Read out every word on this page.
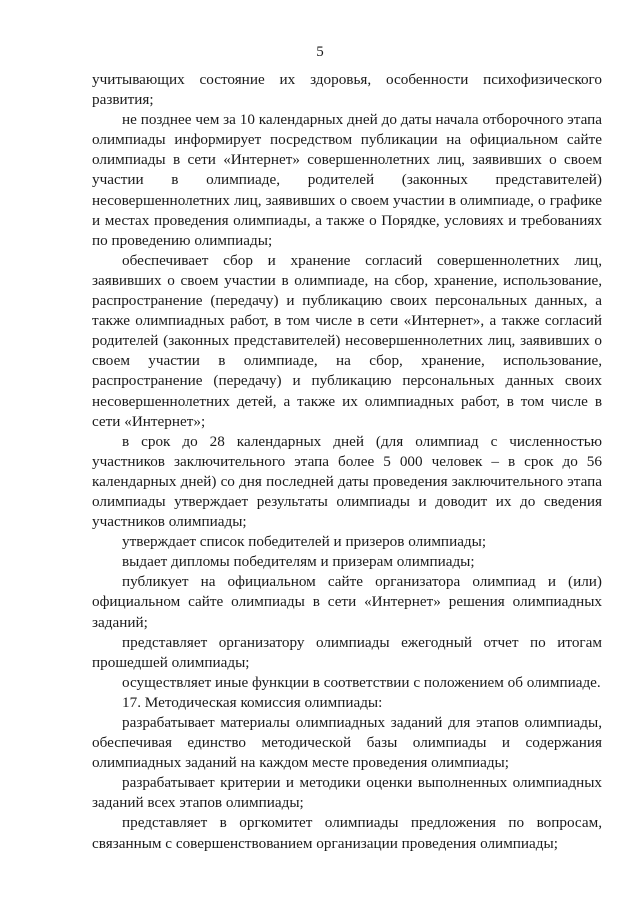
5

учитывающих состояние их здоровья, особенности психофизического развития;

не позднее чем за 10 календарных дней до даты начала отборочного этапа олимпиады информирует посредством публикации на официальном сайте олимпиады в сети «Интернет» совершеннолетних лиц, заявивших о своем участии в олимпиаде, родителей (законных представителей) несовершеннолетних лиц, заявивших о своем участии в олимпиаде, о графике и местах проведения олимпиады, а также о Порядке, условиях и требованиях по проведению олимпиады;

обеспечивает сбор и хранение согласий совершеннолетних лиц, заявивших о своем участии в олимпиаде, на сбор, хранение, использование, распространение (передачу) и публикацию своих персональных данных, а также олимпиадных работ, в том числе в сети «Интернет», а также согласий родителей (законных представителей) несовершеннолетних лиц, заявивших о своем участии в олимпиаде, на сбор, хранение, использование, распространение (передачу) и публикацию персональных данных своих несовершеннолетних детей, а также их олимпиадных работ, в том числе в сети «Интернет»;

в срок до 28 календарных дней (для олимпиад с численностью участников заключительного этапа более 5 000 человек – в срок до 56 календарных дней) со дня последней даты проведения заключительного этапа олимпиады утверждает результаты олимпиады и доводит их до сведения участников олимпиады;

утверждает список победителей и призеров олимпиады;

выдает дипломы победителям и призерам олимпиады;

публикует на официальном сайте организатора олимпиад и (или) официальном сайте олимпиады в сети «Интернет» решения олимпиадных заданий;

представляет организатору олимпиады ежегодный отчет по итогам прошедшей олимпиады;

осуществляет иные функции в соответствии с положением об олимпиаде.

17. Методическая комиссия олимпиады:

разрабатывает материалы олимпиадных заданий для этапов олимпиады, обеспечивая единство методической базы олимпиады и содержания олимпиадных заданий на каждом месте проведения олимпиады;

разрабатывает критерии и методики оценки выполненных олимпиадных заданий всех этапов олимпиады;

представляет в оргкомитет олимпиады предложения по вопросам, связанным с совершенствованием организации проведения олимпиады;
